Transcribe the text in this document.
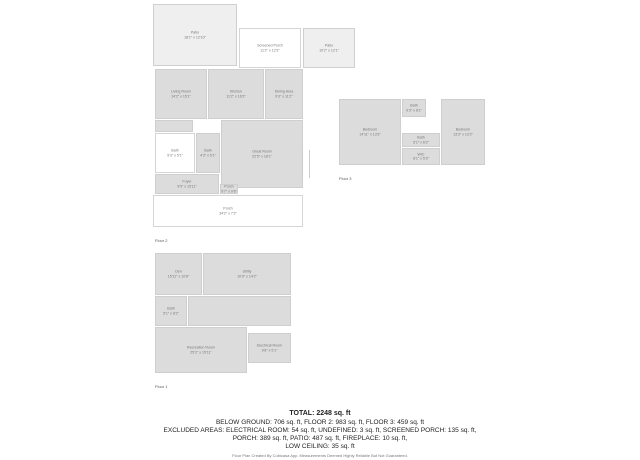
Patio
18'1" x 12'10"
Screened Porch
11'2" x 12'3"
Patio
10'2" x 12'1"
Living Room
14'2" x 15'1"
Kitchen
11'2" x 16'3"
Dining Area
9'3" x 11'2"
Bath
9'3" x 5'1"
Bath
4'3" x 5'1"
Great Room
22'5" x 18'1"
Foyer
9'5" x 15'11"	Porch
9'7" x 9'8"
Porch
34'2" x 7'2"
Floor 2
Bath
9'3" x 8'1"
Bedroom
14'11" x 13'3"
Bedroom
13'3" x 13'2"
Bath
5'1" x 6'2"
WIC
8'1" x 5'3"
Floor 3
Den
15'11" x 10'8"
Utility
10'9" x 14'2"
Bath
5'1" x 8'2"
Recreation Room
25'2" x 15'11"
Electrical Room
9'8" x 5'1"
Floor 1
TOTAL: 2248 sq. ft
BELOW GROUND: 706 sq. ft, FLOOR 2: 983 sq. ft, FLOOR 3: 459 sq. ft
EXCLUDED AREAS: ELECTRICAL ROOM: 54 sq. ft, UNDEFINED: 3 sq. ft, SCREENED PORCH: 135 sq. ft,
PORCH: 389 sq. ft, PATIO: 487 sq. ft, FIREPLACE: 10 sq. ft,
LOW CEILING: 35 sq. ft
Floor Plan Created By Cubicasa App. Measurements Deemed Highly Reliable But Not Guaranteed.
